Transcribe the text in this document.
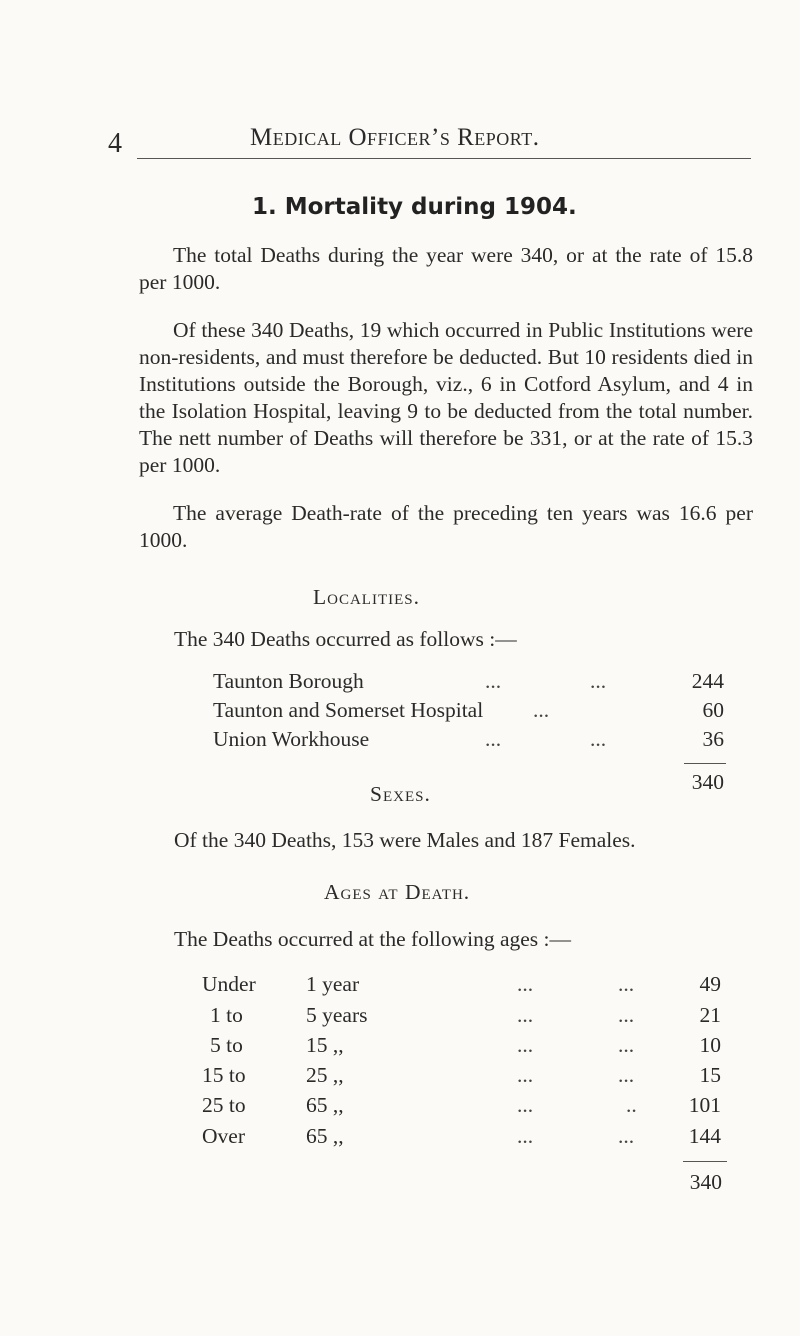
4	Medical Officer’s Report.
1. Mortality during 1904.
The total Deaths during the year were 340, or at the rate of 15.8 per 1000.
Of these 340 Deaths, 19 which occurred in Public Institutions were non-residents, and must therefore be deducted. But 10 residents died in Institutions outside the Borough, viz., 6 in Cotford Asylum, and 4 in the Isolation Hospital, leaving 9 to be deducted from the total number. The nett number of Deaths will therefore be 331, or at the rate of 15.3 per 1000.
The average Death-rate of the preceding ten years was 16.6 per 1000.
Localities.
The 340 Deaths occurred as follows :—
Taunton Borough	...	...	244
Taunton and Somerset Hospital ...	60
Union Workhouse	...	...	36
340
Sexes.
Of the 340 Deaths, 153 were Males and 187 Females.
Ages at Death.
The Deaths occurred at the following ages :—
Under 1 year	...	...	49
1 to	5 years	...	...	21
5 to	15 ,,	...	...	10
15 to	25 ,,	...	...	15
25 to	65 ,,	...	.. 101
Over	65 ,,	...	...	144
340
